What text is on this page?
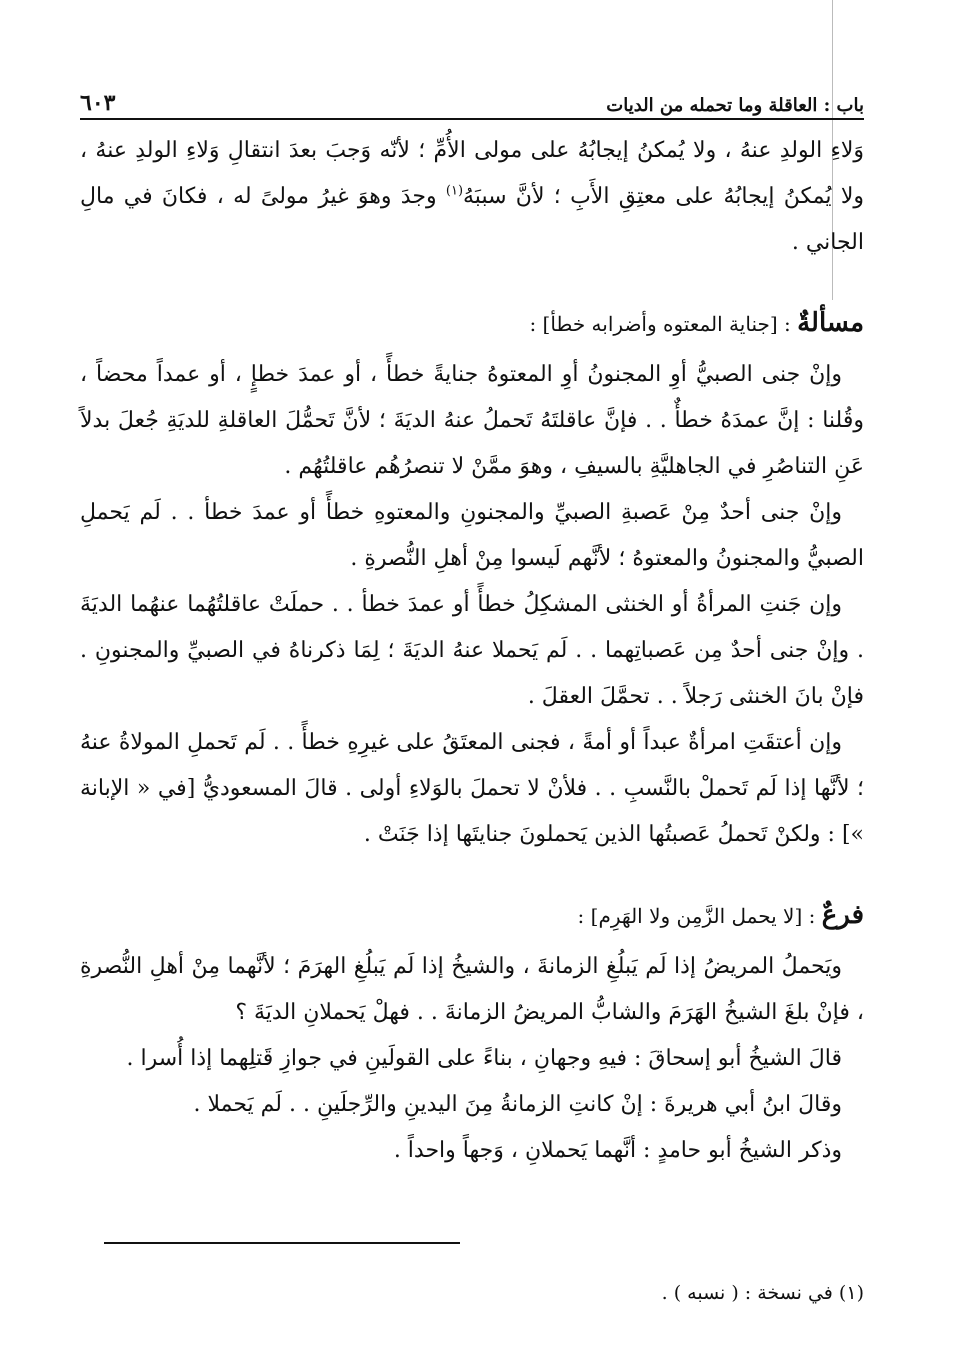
باب : العاقلة وما تحمله من الديات
٦٠٣

وَلاءِ الولدِ عنهُ ، ولا يُمكنُ إيجابُهُ على مولى الأُمِّ ؛ لأنّه وَجبَ بعدَ انتقالِ وَلاءِ الولدِ عنهُ ، ولا يُمكنُ إيجابُهُ على معتِقِ الأَبِ ؛ لأنَّ سببَهُ$^{(١)}$ وجدَ وهوَ غيرُ مولىً له ، فكانَ في مالِ الجاني .

مسألةٌ : [جناية المعتوه وأضرابه خطأ] :

وإنْ جنى الصبيُّ أوِ المجنونُ أوِ المعتوهُ جنايةً خطأً ، أو عمدَ خطإٍ ، أو عمداً محضاً ، وقُلنا : إنَّ عمدَهُ خطأٌ . . فإنَّ عاقلتَهُ تَحملُ عنهُ الديَةَ ؛ لأنَّ تَحمُّلَ العاقلةِ للديَةِ جُعلَ بدلاً عَنِ التناصُرِ في الجاهليَّةِ بالسيفِ ، وهوَ ممَّنْ لا تنصرُهُم عاقلتُهُم .

وإنْ جنى أحدٌ مِنْ عَصبةِ الصبيِّ والمجنونِ والمعتوهِ خطأً أو عمدَ خطأ . . لَم يَحملِ الصبيُّ والمجنونُ والمعتوهُ ؛ لأنَّهم لَيسوا مِنْ أهلِ النُّصرةِ .

وإن جَنتِ المرأةُ أو الخنثى المشكِلُ خطأً أو عمدَ خطأ . . حملَتْ عاقلتُهُما عنهُما الديَةَ . وإنْ جنى أحدٌ مِن عَصباتِهما . . لَم يَحملا عنهُ الديَةَ ؛ لِمَا ذكرناهُ في الصبيِّ والمجنونِ . فإنْ بانَ الخنثى رَجلاً . . تحمَّلَ العقلَ .

وإن أعتقَتِ امرأةٌ عبداً أو أمةً ، فجنى المعتَقُ على غيرِهِ خطأً . . لَم تَحملِ المولاةُ عنهُ ؛ لأنَّها إذا لَم تَحملْ بالنَّسبِ . . فلأنْ لا تحملَ بالوَلاءِ أولى . قالَ المسعوديُّ [في « الإبانة »] : ولكنْ تَحملُ عَصبتُها الذين يَحملونَ جنايتَها إذا جَنَتْ .

فرعٌ : [لا يحمل الزَّمِن ولا الهَرِم] :

ويَحملُ المريضُ إذا لَم يَبلُغِ الزمانةَ ، والشيخُ إذا لَم يَبلُغِ الهرَمَ ؛ لأنَّهما مِنْ أهلِ النُّصرةِ ، فإنْ بلغَ الشيخُ الهَرَمَ والشابُّ المريضُ الزمانةَ . . فهلْ يَحملانِ الديَةَ ؟

قالَ الشيخُ أبو إسحاقَ : فيهِ وجهانِ ، بناءً على القولَينِ في جوازِ قَتلِهما إذا أُسرا .

وقالَ ابنُ أبي هريرةَ : إنْ كانتِ الزمانةُ مِنَ اليدينِ والرِّجلَينِ . . لَم يَحملا .

وذكر الشيخُ أبو حامدٍ : أنَّهما يَحملانِ ، وَجهاً واحداً .

(١) في نسخة : ( نسبه ) .
